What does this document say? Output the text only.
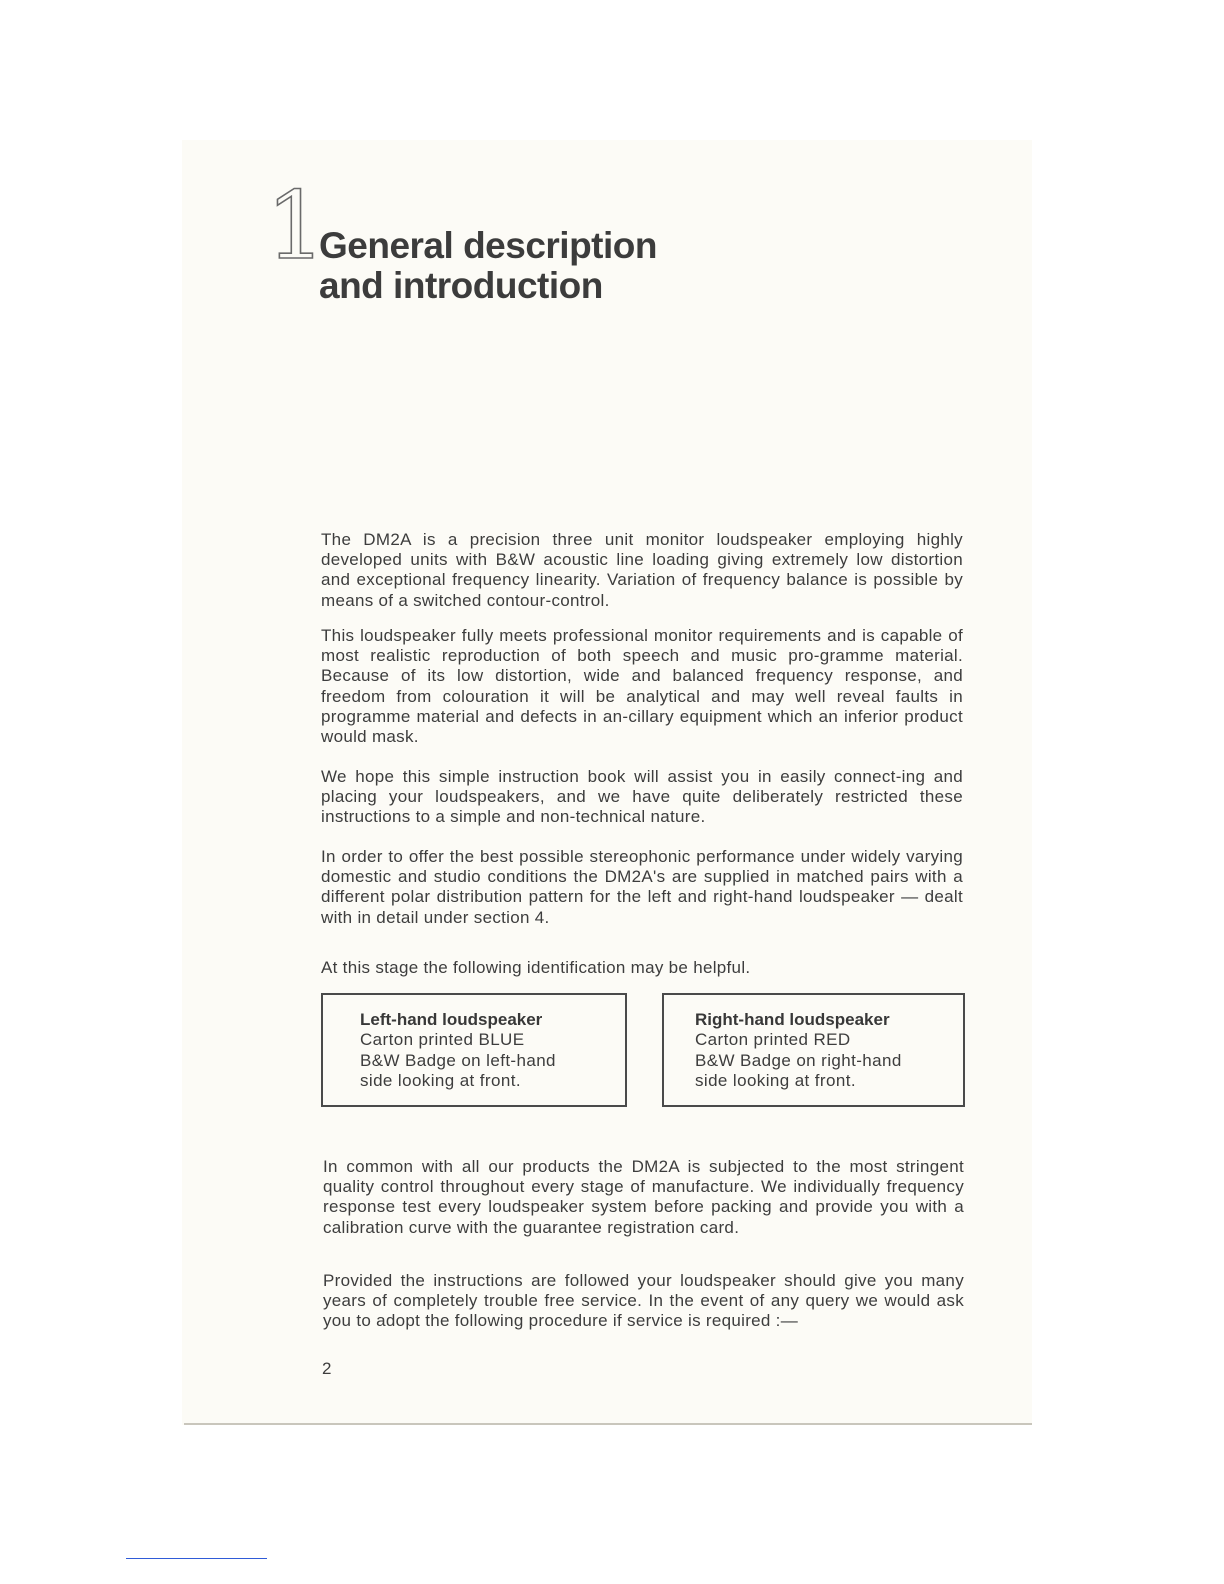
1
General description
and introduction

The DM2A is a precision three unit monitor loudspeaker employing highly developed units with B&W acoustic line loading giving extremely low distortion and exceptional frequency linearity. Variation of frequency balance is possible by means of a switched contour-control.

This loudspeaker fully meets professional monitor requirements and is capable of most realistic reproduction of both speech and music pro-gramme material. Because of its low distortion, wide and balanced frequency response, and freedom from colouration it will be analytical and may well reveal faults in programme material and defects in an-cillary equipment which an inferior product would mask.

We hope this simple instruction book will assist you in easily connect-ing and placing your loudspeakers, and we have quite deliberately restricted these instructions to a simple and non-technical nature.

In order to offer the best possible stereophonic performance under widely varying domestic and studio conditions the DM2A's are supplied in matched pairs with a different polar distribution pattern for the left and right-hand loudspeaker — dealt with in detail under section 4.

At this stage the following identification may be helpful.

Left-hand loudspeaker
Carton printed BLUE
B&W Badge on left-hand
side looking at front.
Right-hand loudspeaker
Carton printed RED
B&W Badge on right-hand
side looking at front.

In common with all our products the DM2A is subjected to the most stringent quality control throughout every stage of manufacture. We individually frequency response test every loudspeaker system before packing and provide you with a calibration curve with the guarantee registration card.

Provided the instructions are followed your loudspeaker should give you many years of completely trouble free service. In the event of any query we would ask you to adopt the following procedure if service is required :—

2
